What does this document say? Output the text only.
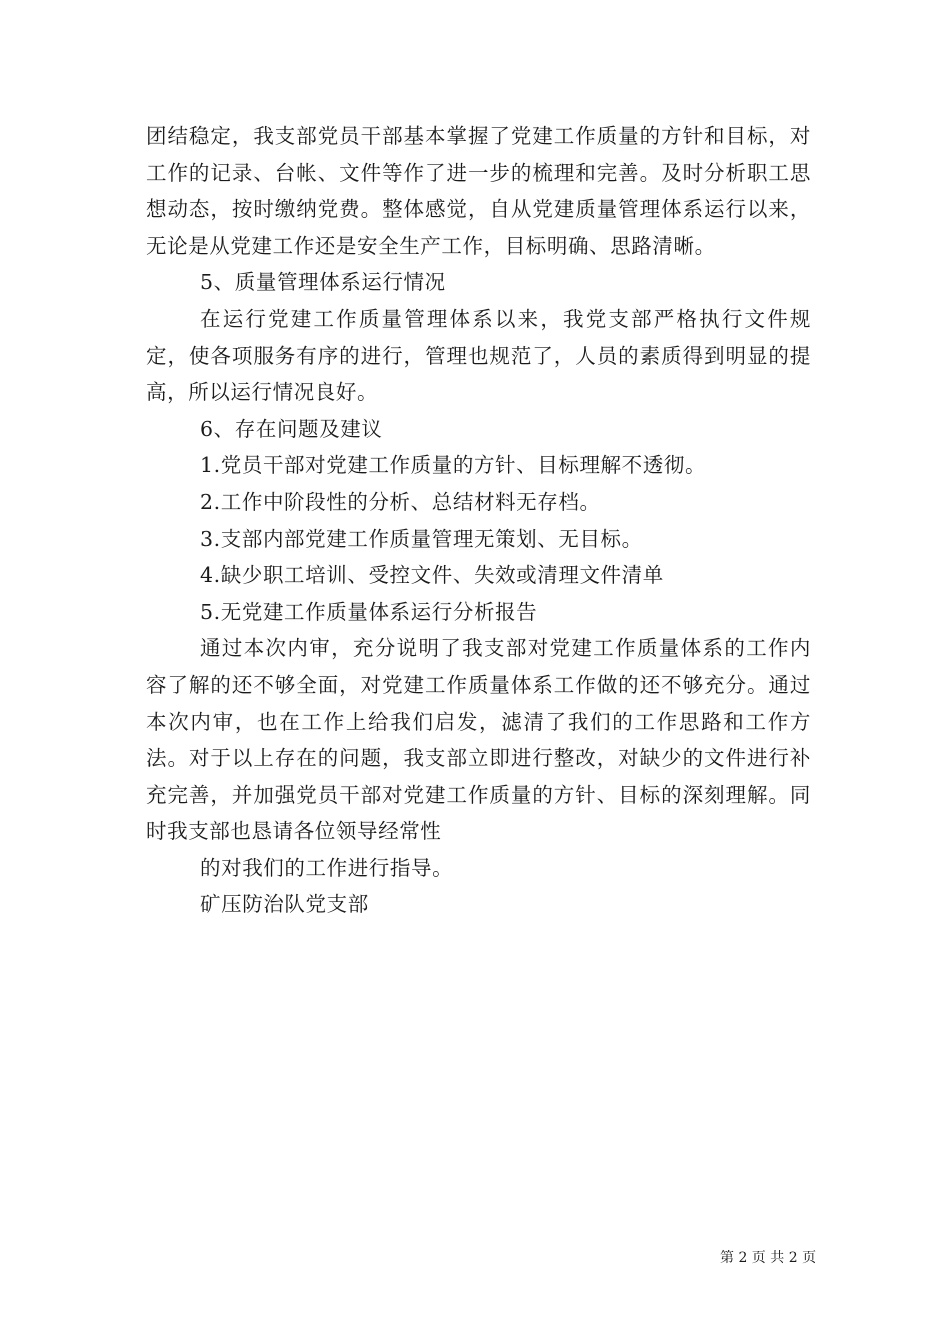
团结稳定，我支部党员干部基本掌握了党建工作质量的方针和目标，对工作的记录、台帐、文件等作了进一步的梳理和完善。及时分析职工思想动态，按时缴纳党费。整体感觉，自从党建质量管理体系运行以来，无论是从党建工作还是安全生产工作，目标明确、思路清晰。

5、质量管理体系运行情况

在运行党建工作质量管理体系以来，我党支部严格执行文件规定，使各项服务有序的进行，管理也规范了，人员的素质得到明显的提高，所以运行情况良好。

6、存在问题及建议

1.党员干部对党建工作质量的方针、目标理解不透彻。

2.工作中阶段性的分析、总结材料无存档。

3.支部内部党建工作质量管理无策划、无目标。

4.缺少职工培训、受控文件、失效或清理文件清单

5.无党建工作质量体系运行分析报告

通过本次内审，充分说明了我支部对党建工作质量体系的工作内容了解的还不够全面，对党建工作质量体系工作做的还不够充分。通过本次内审，也在工作上给我们启发，滤清了我们的工作思路和工作方法。对于以上存在的问题，我支部立即进行整改，对缺少的文件进行补充完善，并加强党员干部对党建工作质量的方针、目标的深刻理解。同时我支部也恳请各位领导经常性

的对我们的工作进行指导。

矿压防治队党支部

第 2 页 共 2 页
